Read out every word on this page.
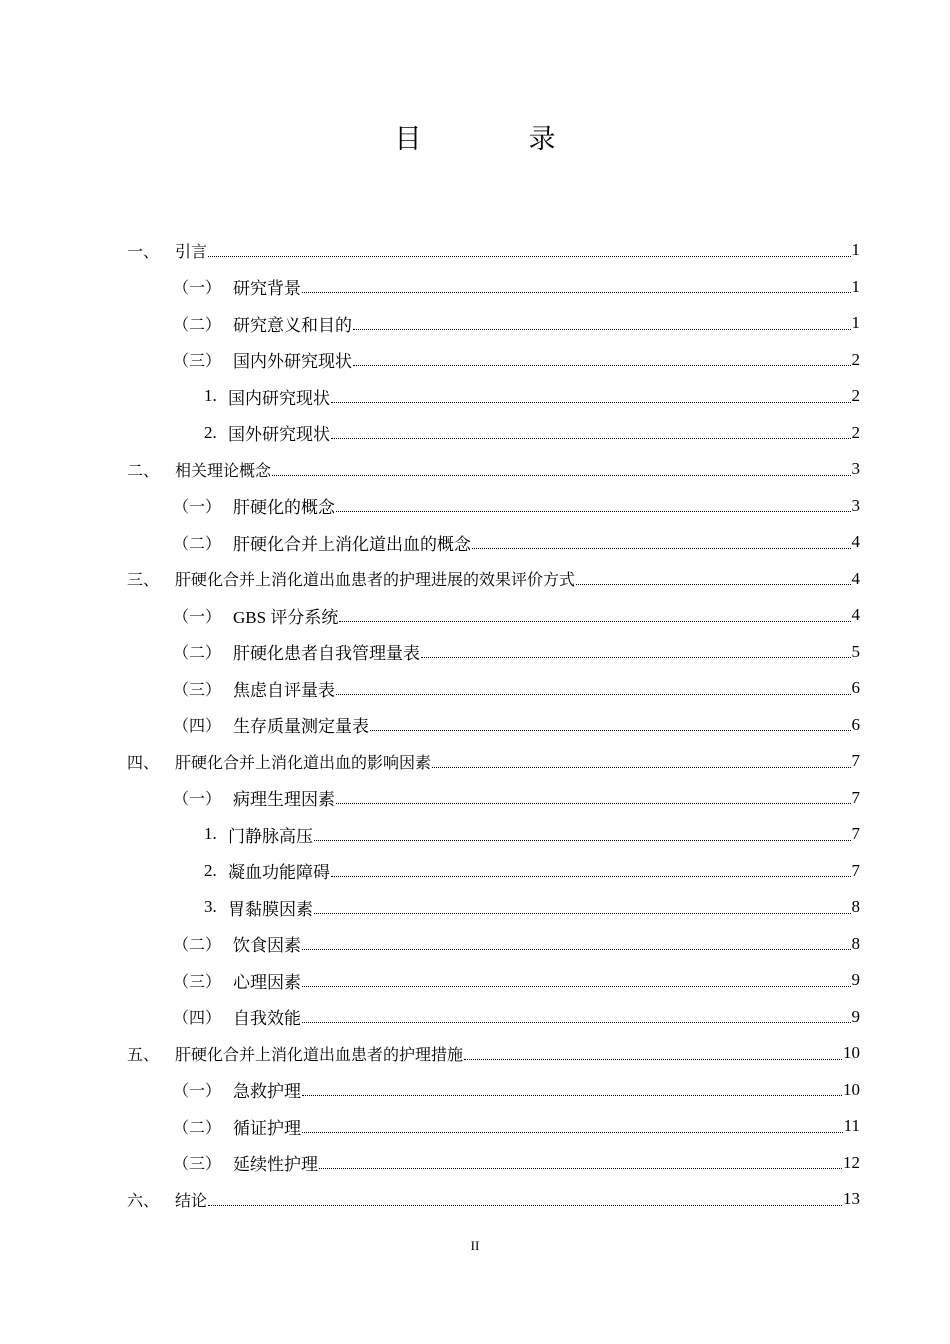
目　录
一、 引言	1
（一） 研究背景	1
（二） 研究意义和目的	1
（三） 国内外研究现状	2
1. 国内研究现状	2
2. 国外研究现状	2
二、 相关理论概念	3
（一） 肝硬化的概念	3
（二） 肝硬化合并上消化道出血的概念	4
三、 肝硬化合并上消化道出血患者的护理进展的效果评价方式	4
（一） GBS 评分系统	4
（二） 肝硬化患者自我管理量表	5
（三） 焦虑自评量表	6
（四） 生存质量测定量表	6
四、 肝硬化合并上消化道出血的影响因素	7
（一） 病理生理因素	7
1. 门静脉高压	7
2. 凝血功能障碍	7
3. 胃黏膜因素	8
（二） 饮食因素	8
（三） 心理因素	9
（四） 自我效能	9
五、 肝硬化合并上消化道出血患者的护理措施	10
（一） 急救护理	10
（二） 循证护理	11
（三） 延续性护理	12
六、 结论	13
II
